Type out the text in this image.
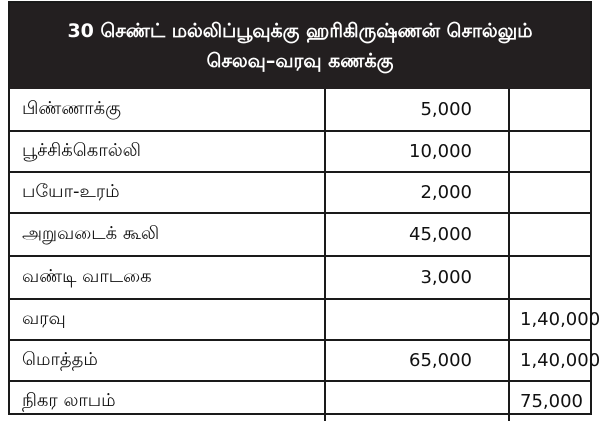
30 செண்ட் மல்லிப்பூவுக்கு ஹரிகிருஷ்ணன் சொல்லும்
செலவு–வரவு கணக்கு
பிண்ணாக்கு	5,000	
பூச்சிக்கொல்லி	10,000	
பயோ-உரம்	2,000	
அறுவடைக் கூலி	45,000	
வண்டி வாடகை	3,000	
வரவு		1,40,000
மொத்தம்	65,000	1,40,000
நிகர லாபம்		75,000
